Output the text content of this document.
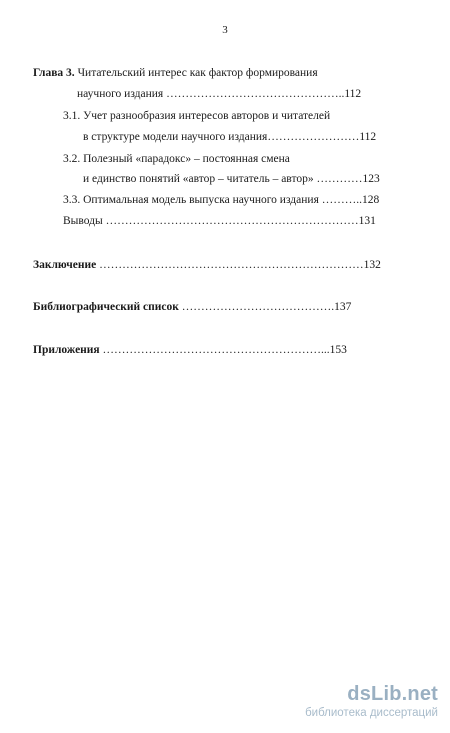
3
Глава 3. Читательский интерес как фактор формирования
научного издания ………………………………………..112
3.1. Учет разнообразия интересов авторов и читателей
в структуре модели научного издания……………………112
3.2. Полезный «парадокс» – постоянная смена
и единство понятий «автор – читатель – автор» …………123
3.3. Оптимальная модель выпуска научного издания ………..128
Выводы …………………………………………………………131
Заключение ……………………………………………………………132
Библиографический список ………………………………….137
Приложения …………………………………………………...153
dsLib.net
библиотека диссертаций
